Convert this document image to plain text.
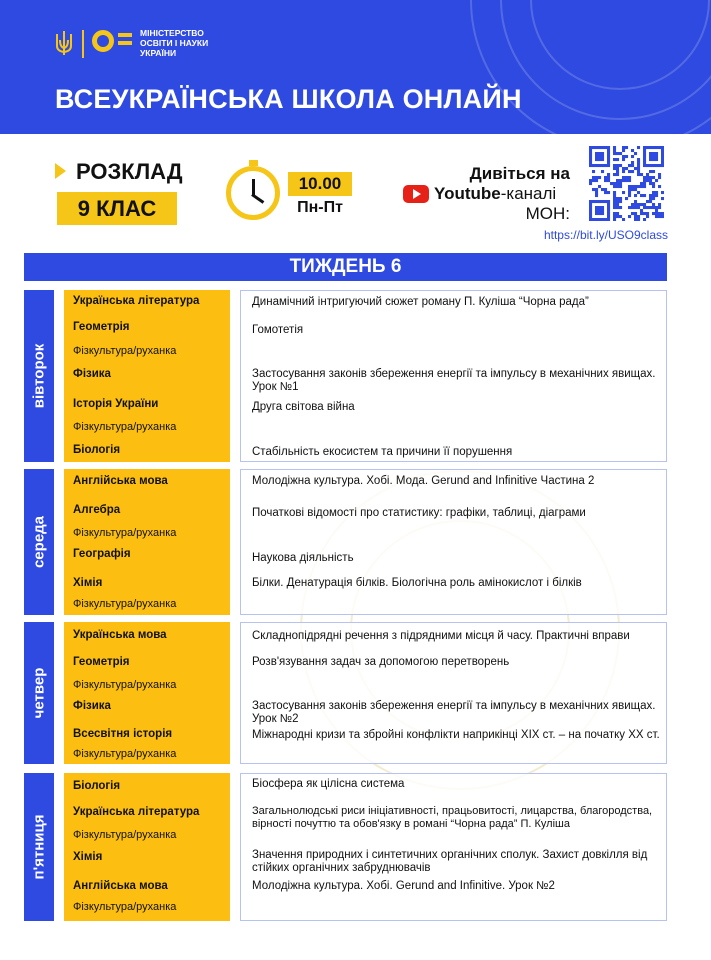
МІНІСТЕРСТВО
ОСВІТИ І НАУКИ
УКРАЇНИ
ВСЕУКРАЇНСЬКА ШКОЛА ОНЛАЙН
РОЗКЛАД
9 КЛАС
10.00
Пн-Пт
Дивіться на
Youtube-каналі
МОН:
https://bit.ly/USO9class
ТИЖДЕНЬ 6
вівторок
Українська література
Геометрія
Фізкультура/руханка
Фізика
Історія України
Фізкультура/руханка
Біологія
Динамічний інтригуючий сюжет роману П. Куліша “Чорна рада”
Гомотетія
Застосування законів збереження енергії та імпульсу в механічних явищах. Урок №1
Друга світова війна
Стабільність екосистем та причини її порушення
середа
Англійська мова
Алгебра
Фізкультура/руханка
Географія
Хімія
Фізкультура/руханка
Молодіжна культура. Хобі. Мода. Gerund and Infinitive Частина 2
Початкові відомості про статистику: графіки, таблиці, діаграми
Наукова діяльність
Білки. Денатурація білків. Біологічна роль амінокислот і білків
четвер
Українська мова
Геометрія
Фізкультура/руханка
Фізика
Всесвітня історія
Фізкультура/руханка
Складнопідрядні речення з підрядними місця й часу. Практичні вправи
Розв'язування задач за допомогою перетворень
Застосування законів збереження енергії та імпульсу в механічних явищах. Урок №2
Міжнародні кризи та збройні конфлікти наприкінці ХІХ ст. – на початку ХХ ст.
п'ятниця
Біологія
Українська література
Фізкультура/руханка
Хімія
Англійська мова
Фізкультура/руханка
Біосфера як цілісна система
Загальнолюдські риси ініціативності, працьовитості, лицарства, благородства, вірності почуттю та обов'язку в романі “Чорна рада” П. Куліша
Значення природних і синтетичних органічних сполук. Захист довкілля від стійких органічних забруднювачів
Молодіжна культура. Хобі. Gerund and Infinitive. Урок №2
